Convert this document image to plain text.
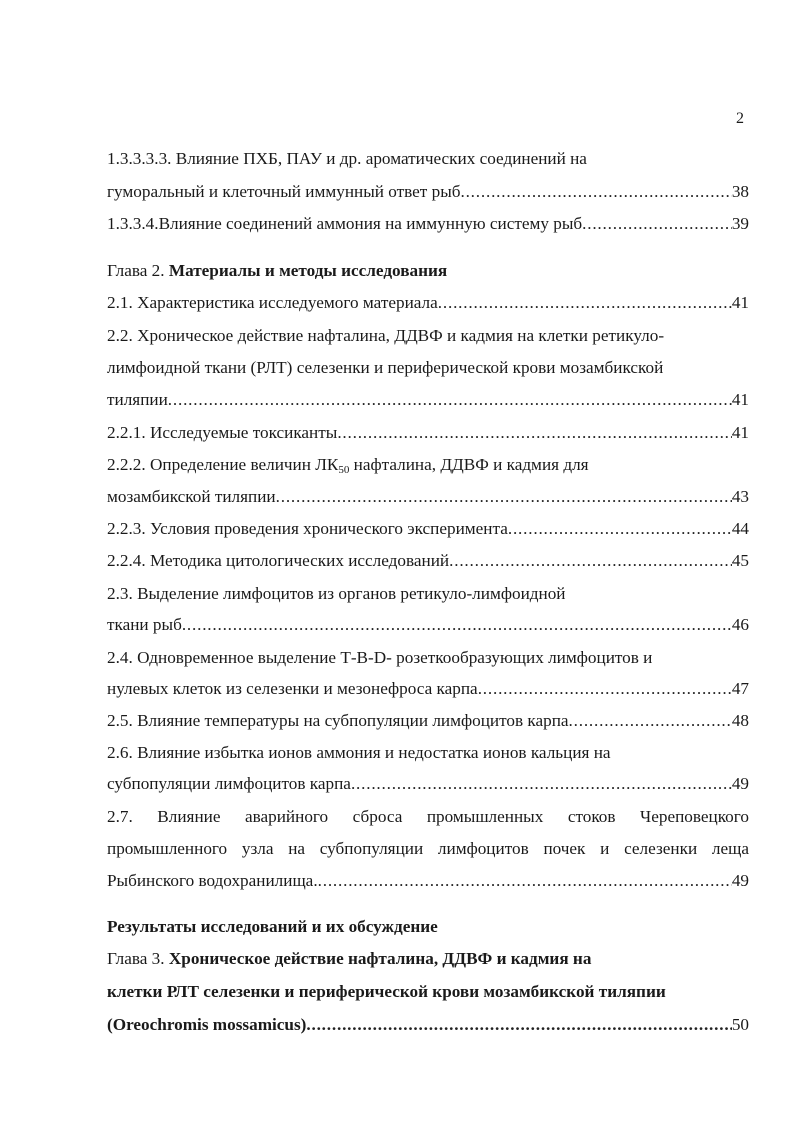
2
1.3.3.3.3. Влияние ПХБ, ПАУ и др. ароматических соединений на
гуморальный и клеточный иммунный ответ рыб .....	38
1.3.3.4.Влияние соединений аммония на иммунную систему рыб .....	39
Глава 2. Материалы и методы исследования
2.1. Характеристика исследуемого материала .....	41
2.2. Хроническое действие нафталина, ДДВФ и кадмия на клетки ретикуло-
лимфоидной ткани (РЛТ) селезенки и периферической крови мозамбикской
тиляпии .....	41
2.2.1. Исследуемые токсиканты .....	41
2.2.2. Определение величин $ЛК_{50}$ нафталина, ДДВФ и кадмия для
мозамбикской тиляпии .....	43
2.2.3. Условия проведения хронического эксперимента .....	44
2.2.4. Методика цитологических исследований .....	45
2.3. Выделение лимфоцитов из органов ретикуло-лимфоидной
ткани рыб .....	46
2.4. Одновременное выделение Т-В-D- розеткообразующих лимфоцитов и
нулевых клеток из селезенки и мезонефроса карпа .....	47
2.5. Влияние температуры на субпопуляции лимфоцитов карпа .....	48
2.6. Влияние избытка ионов аммония и недостатка ионов кальция на
субпопуляции лимфоцитов карпа .....	49
2.7. Влияние аварийного сброса промышленных стоков Череповецкого
промышленного узла на субпопуляции лимфоцитов почек и селезенки леща
Рыбинского водохранилища. .....	49
Результаты исследований и их обсуждение
Глава 3. Хроническое действие нафталина, ДДВФ и кадмия на
клетки РЛТ селезенки и периферической крови мозамбикской тиляпии
(Oreochromis mossamicus) .....	50
